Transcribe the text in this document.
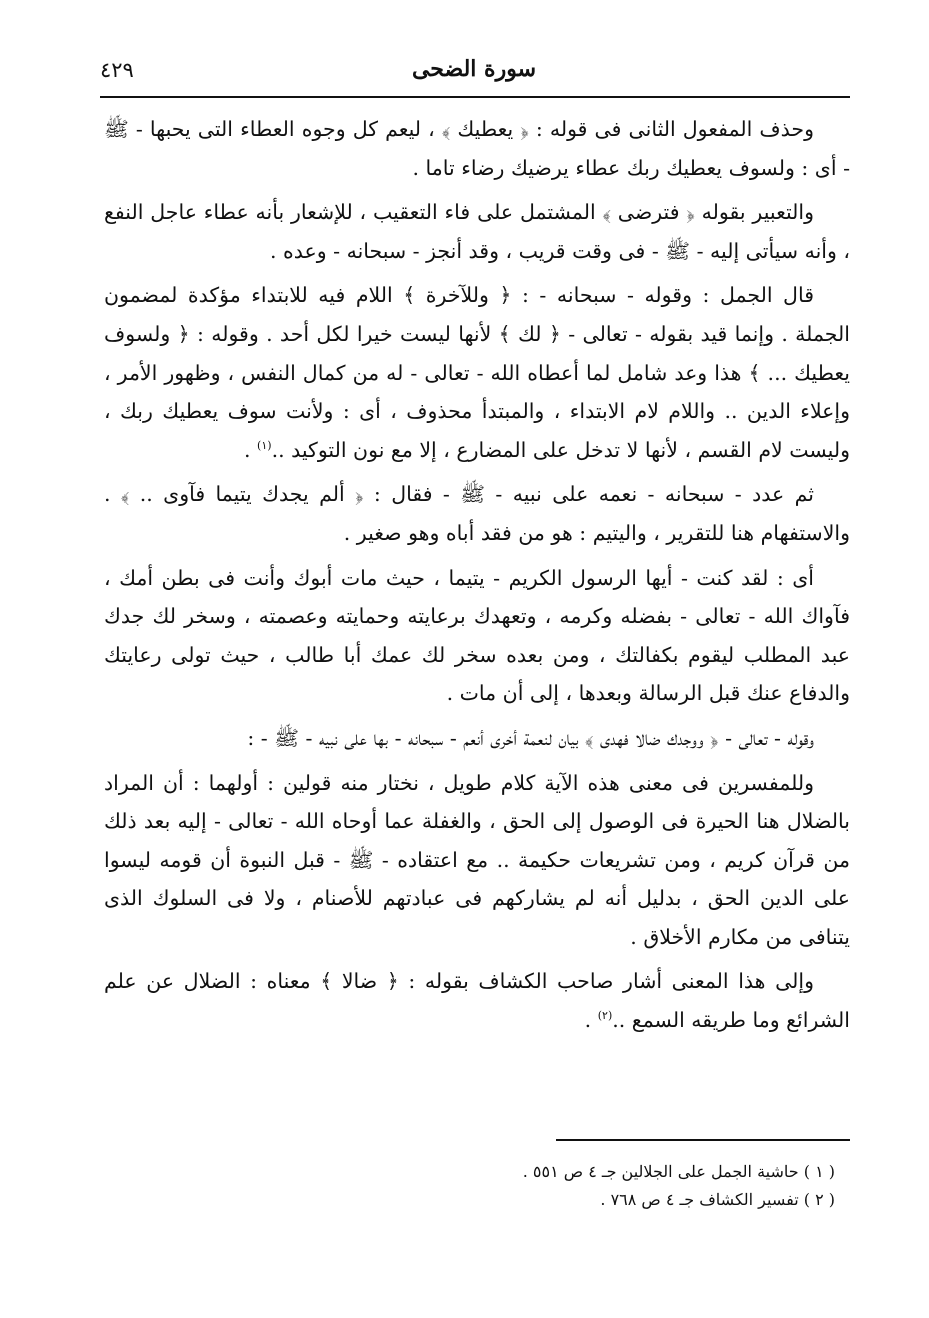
٤٢٩	سورة الضحى

وحذف المفعول الثانى فى قوله : ﴿ يعطيك ﴾ ، ليعم كل وجوه العطاء التى يحبها - ﷺ - أى : ولسوف يعطيك ربك عطاء يرضيك رضاء تاما .

والتعبير بقوله ﴿ فترضى ﴾ المشتمل على فاء التعقيب ، للإشعار بأنه عطاء عاجل النفع ، وأنه سيأتى إليه - ﷺ - فى وقت قريب ، وقد أنجز - سبحانه - وعده .

قال الجمل : وقوله - سبحانه - : ﴿ وللآخرة ﴾ اللام فيه للابتداء مؤكدة لمضمون الجملة . وإنما قيد بقوله - تعالى - ﴿ لك ﴾ لأنها ليست خيرا لكل أحد . وقوله : ﴿ ولسوف يعطيك ... ﴾ هذا وعد شامل لما أعطاه الله - تعالى - له من كمال النفس ، وظهور الأمر ، وإعلاء الدين .. واللام لام الابتداء ، والمبتدأ محذوف ، أى : ولأنت سوف يعطيك ربك ، وليست لام القسم ، لأنها لا تدخل على المضارع ، إلا مع نون التوكيد ..$^{(١)}$ .

ثم عدد - سبحانه - نعمه على نبيه - ﷺ - فقال : ﴿ ألم يجدك يتيما فآوى .. ﴾ . والاستفهام هنا للتقرير ، واليتيم : هو من فقد أباه وهو صغير .

أى : لقد كنت - أيها الرسول الكريم - يتيما ، حيث مات أبوك وأنت فى بطن أمك ، فآواك الله - تعالى - بفضله وكرمه ، وتعهدك برعايته وحمايته وعصمته ، وسخر لك جدك عبد المطلب ليقوم بكفالتك ، ومن بعده سخر لك عمك أبا طالب ، حيث تولى رعايتك والدفاع عنك قبل الرسالة وبعدها ، إلى أن مات .

وقوله - تعالى - ﴿ ووجدك ضالا فهدى ﴾ بيان لنعمة أخرى أنعم - سبحانه - بها على نبيه - ﷺ - :

وللمفسرين فى معنى هذه الآية كلام طويل ، نختار منه قولين : أولهما : أن المراد بالضلال هنا الحيرة فى الوصول إلى الحق ، والغفلة عما أوحاه الله - تعالى - إليه بعد ذلك من قرآن كريم ، ومن تشريعات حكيمة .. مع اعتقاده - ﷺ - قبل النبوة أن قومه ليسوا على الدين الحق ، بدليل أنه لم يشاركهم فى عبادتهم للأصنام ، ولا فى السلوك الذى يتنافى من مكارم الأخلاق .

وإلى هذا المعنى أشار صاحب الكشاف بقوله : ﴿ ضالا ﴾ معناه : الضلال عن علم الشرائع وما طريقه السمع ..$^{(٢)}$ .

( ١ ) حاشية الجمل على الجلالين جـ ٤ ص ٥٥١ .

( ٢ ) تفسير الكشاف جـ ٤ ص ٧٦٨ .
